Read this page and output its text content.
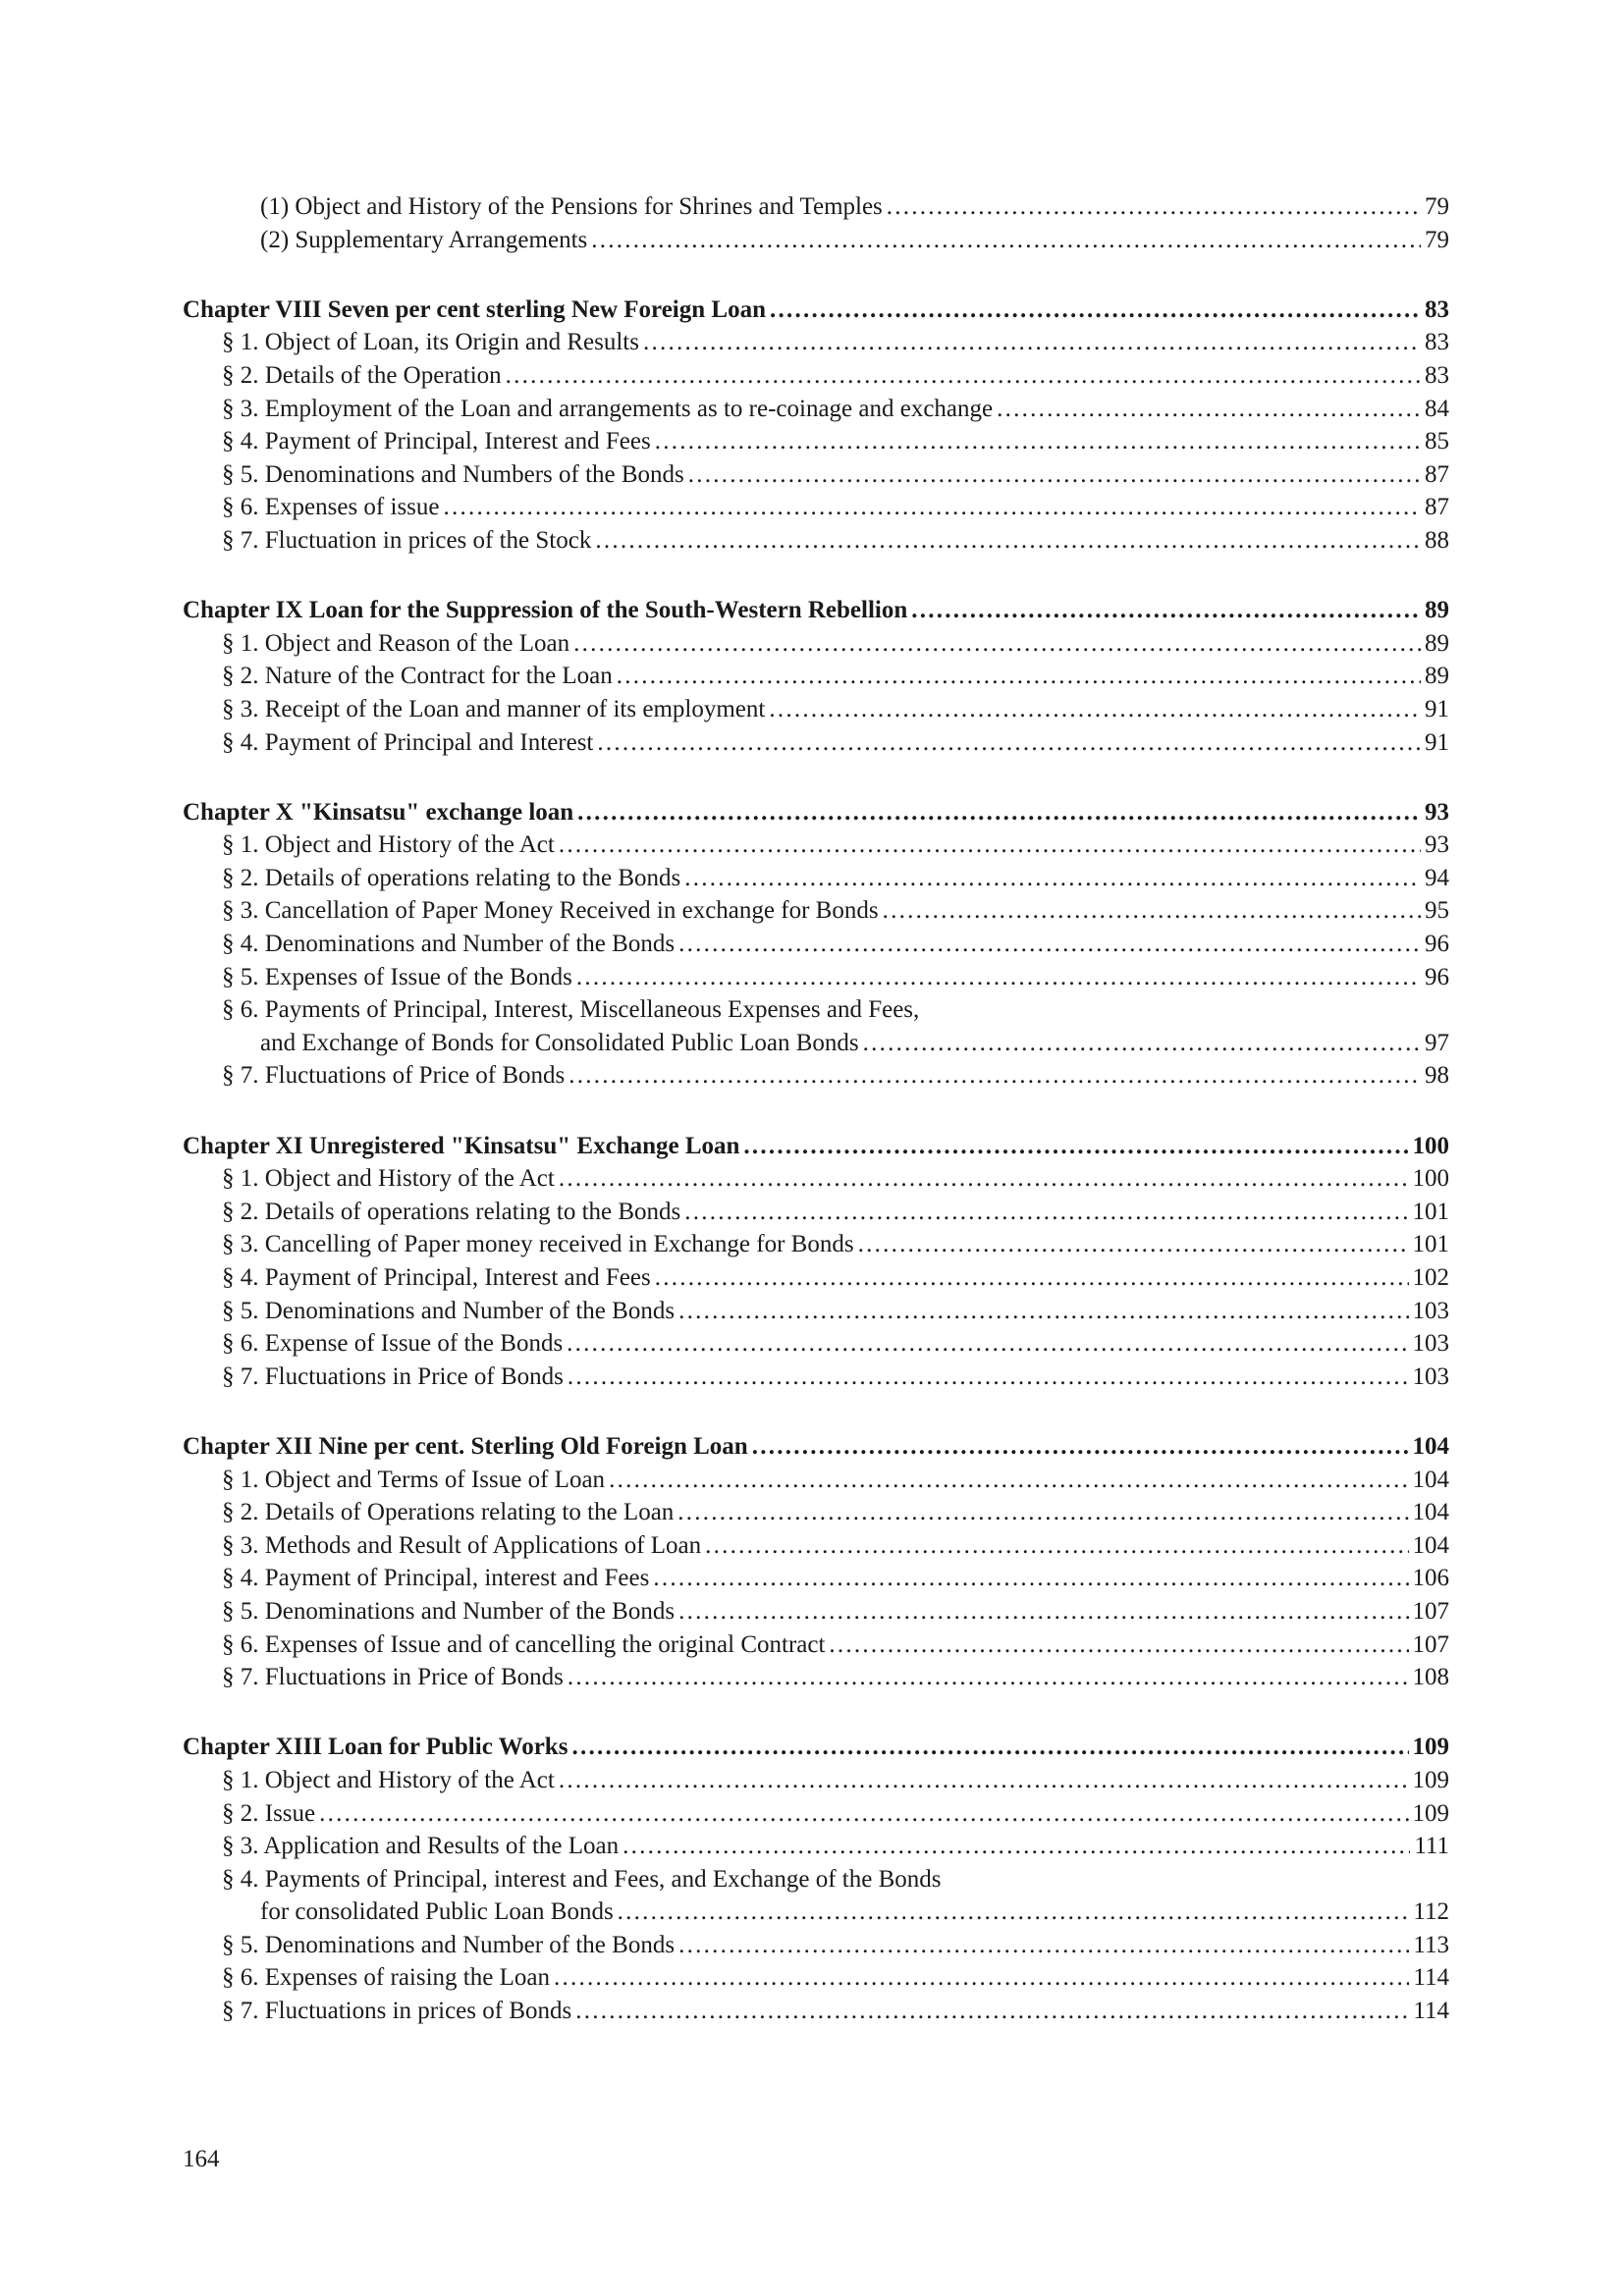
(1) Object and History of the Pensions for Shrines and Temples . . .	79
(2) Supplementary Arrangements . . .	79
Chapter VIII Seven per cent sterling New Foreign Loan . . .	83
§ 1. Object of Loan, its Origin and Results . . .	83
§ 2. Details of the Operation . . .	83
§ 3. Employment of the Loan and arrangements as to re-coinage and exchange . . .	84
§ 4. Payment of Principal, Interest and Fees . . .	85
§ 5. Denominations and Numbers of the Bonds . . .	87
§ 6. Expenses of issue . . .	87
§ 7. Fluctuation in prices of the Stock . . .	88
Chapter IX Loan for the Suppression of the South-Western Rebellion . . .	89
§ 1. Object and Reason of the Loan . . .	89
§ 2. Nature of the Contract for the Loan . . .	89
§ 3. Receipt of the Loan and manner of its employment . . .	91
§ 4. Payment of Principal and Interest . . .	91
Chapter X "Kinsatsu" exchange loan . . .	93
§ 1. Object and History of the Act . . .	93
§ 2. Details of operations relating to the Bonds . . .	94
§ 3. Cancellation of Paper Money Received in exchange for Bonds . . .	95
§ 4. Denominations and Number of the Bonds . . .	96
§ 5. Expenses of Issue of the Bonds . . .	96
§ 6. Payments of Principal, Interest, Miscellaneous Expenses and Fees,
and Exchange of Bonds for Consolidated Public Loan Bonds . . .	97
§ 7. Fluctuations of Price of Bonds . . .	98
Chapter XI Unregistered "Kinsatsu" Exchange Loan . . .	100
§ 1. Object and History of the Act . . .	100
§ 2. Details of operations relating to the Bonds . . .	101
§ 3. Cancelling of Paper money received in Exchange for Bonds . . .	101
§ 4. Payment of Principal, Interest and Fees . . .	102
§ 5. Denominations and Number of the Bonds . . .	103
§ 6. Expense of Issue of the Bonds . . .	103
§ 7. Fluctuations in Price of Bonds . . .	103
Chapter XII Nine per cent. Sterling Old Foreign Loan . . .	104
§ 1. Object and Terms of Issue of Loan . . .	104
§ 2. Details of Operations relating to the Loan . . .	104
§ 3. Methods and Result of Applications of Loan . . .	104
§ 4. Payment of Principal, interest and Fees . . .	106
§ 5. Denominations and Number of the Bonds . . .	107
§ 6. Expenses of Issue and of cancelling the original Contract . . .	107
§ 7. Fluctuations in Price of Bonds . . .	108
Chapter XIII Loan for Public Works . . .	109
§ 1. Object and History of the Act . . .	109
§ 2. Issue . . .	109
§ 3. Application and Results of the Loan . . .	111
§ 4. Payments of Principal, interest and Fees, and Exchange of the Bonds
for consolidated Public Loan Bonds . . .	112
§ 5. Denominations and Number of the Bonds . . .	113
§ 6. Expenses of raising the Loan . . .	114
§ 7. Fluctuations in prices of Bonds . . .	114
164
